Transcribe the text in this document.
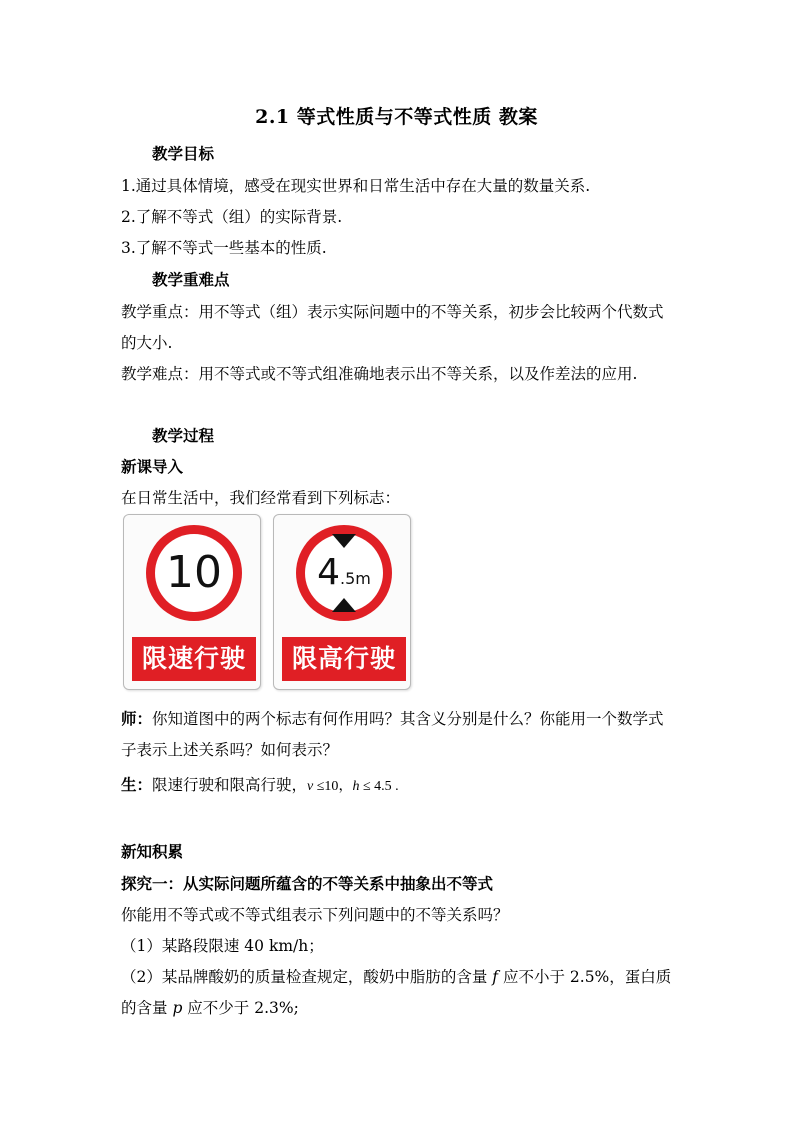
2.1 等式性质与不等式性质 教案
教学目标
1.通过具体情境，感受在现实世界和日常生活中存在大量的数量关系.
2.了解不等式（组）的实际背景.
3.了解不等式一些基本的性质.
教学重难点
教学重点：用不等式（组）表示实际问题中的不等关系，初步会比较两个代数式
的大小.
教学难点：用不等式或不等式组准确地表示出不等关系，以及作差法的应用.
教学过程
新课导入
在日常生活中，我们经常看到下列标志：
10
限速行驶
4.5m
限高行驶
师：你知道图中的两个标志有何作用吗？其含义分别是什么？你能用一个数学式
子表示上述关系吗？如何表示？
生：限速行驶和限高行驶，v ≤10，h ≤ 4.5 .
新知积累
探究一：从实际问题所蕴含的不等关系中抽象出不等式
你能用不等式或不等式组表示下列问题中的不等关系吗？
（1）某路段限速 40 km/h；
（2）某品牌酸奶的质量检查规定，酸奶中脂肪的含量 f 应不小于 2.5%，蛋白质
的含量 p 应不少于 2.3%;
